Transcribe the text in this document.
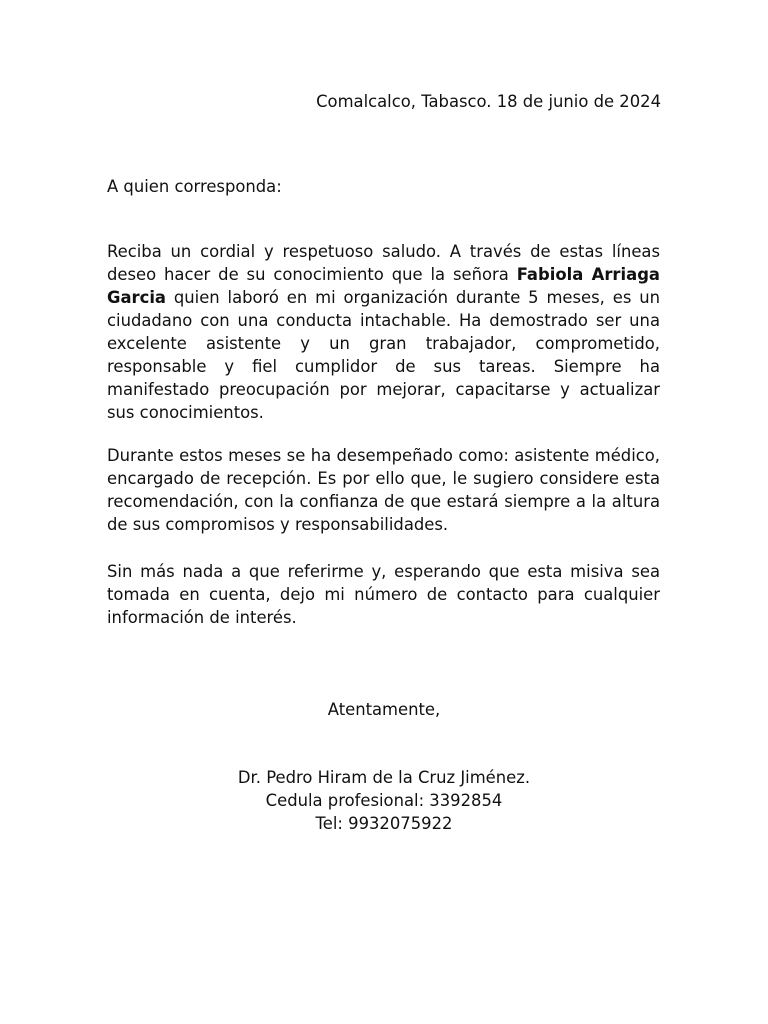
Comalcalco, Tabasco. 18 de junio de 2024
A quien corresponda:

Reciba un cordial y respetuoso saludo. A través de estas líneas deseo hacer de su conocimiento que la señora Fabiola Arriaga Garcia quien laboró en mi organización durante 5 meses, es un ciudadano con una conducta intachable. Ha demostrado ser una excelente asistente y un gran trabajador, comprometido, responsable y fiel cumplidor de sus tareas. Siempre ha manifestado preocupación por mejorar, capacitarse y actualizar sus conocimientos.

Durante estos meses se ha desempeñado como: asistente médico, encargado de recepción. Es por ello que, le sugiero considere esta recomendación, con la confianza de que estará siempre a la altura de sus compromisos y responsabilidades.

Sin más nada a que referirme y, esperando que esta misiva sea tomada en cuenta, dejo mi número de contacto para cualquier información de interés.

Atentamente,
Dr. Pedro Hiram de la Cruz Jiménez.
Cedula profesional: 3392854
Tel: 9932075922
